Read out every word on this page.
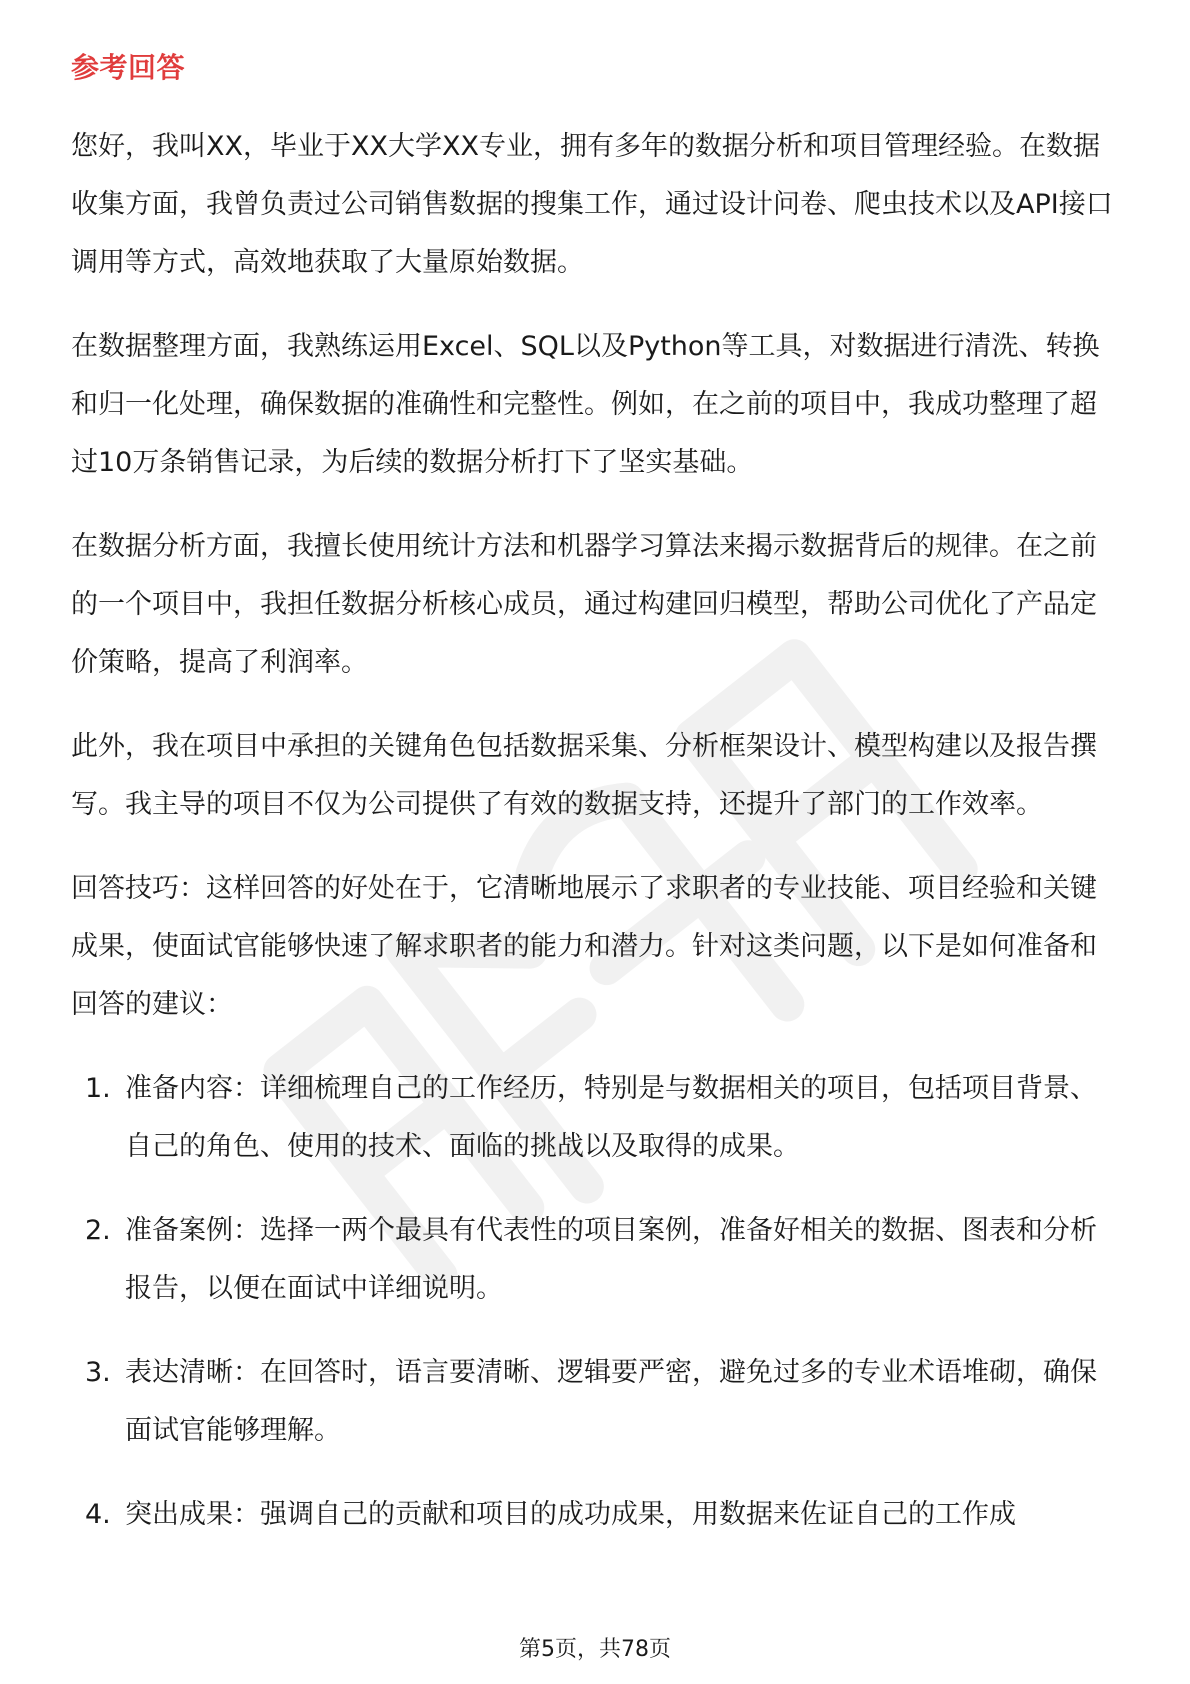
参考回答

您好，我叫XX，毕业于XX大学XX专业，拥有多年的数据分析和项目管理经验。在数据收集方面，我曾负责过公司销售数据的搜集工作，通过设计问卷、爬虫技术以及API接口调用等方式，高效地获取了大量原始数据。

在数据整理方面，我熟练运用Excel、SQL以及Python等工具，对数据进行清洗、转换和归一化处理，确保数据的准确性和完整性。例如，在之前的项目中，我成功整理了超过10万条销售记录，为后续的数据分析打下了坚实基础。

在数据分析方面，我擅长使用统计方法和机器学习算法来揭示数据背后的规律。在之前的一个项目中，我担任数据分析核心成员，通过构建回归模型，帮助公司优化了产品定价策略，提高了利润率。

此外，我在项目中承担的关键角色包括数据采集、分析框架设计、模型构建以及报告撰写。我主导的项目不仅为公司提供了有效的数据支持，还提升了部门的工作效率。

回答技巧：这样回答的好处在于，它清晰地展示了求职者的专业技能、项目经验和关键成果，使面试官能够快速了解求职者的能力和潜力。针对这类问题，以下是如何准备和回答的建议：

1. 准备内容：详细梳理自己的工作经历，特别是与数据相关的项目，包括项目背景、自己的角色、使用的技术、面临的挑战以及取得的成果。
2. 准备案例：选择一两个最具有代表性的项目案例，准备好相关的数据、图表和分析报告，以便在面试中详细说明。
3. 表达清晰：在回答时，语言要清晰、逻辑要严密，避免过多的专业术语堆砌，确保面试官能够理解。
4. 突出成果：强调自己的贡献和项目的成功成果，用数据来佐证自己的工作成
第5页，共78页
